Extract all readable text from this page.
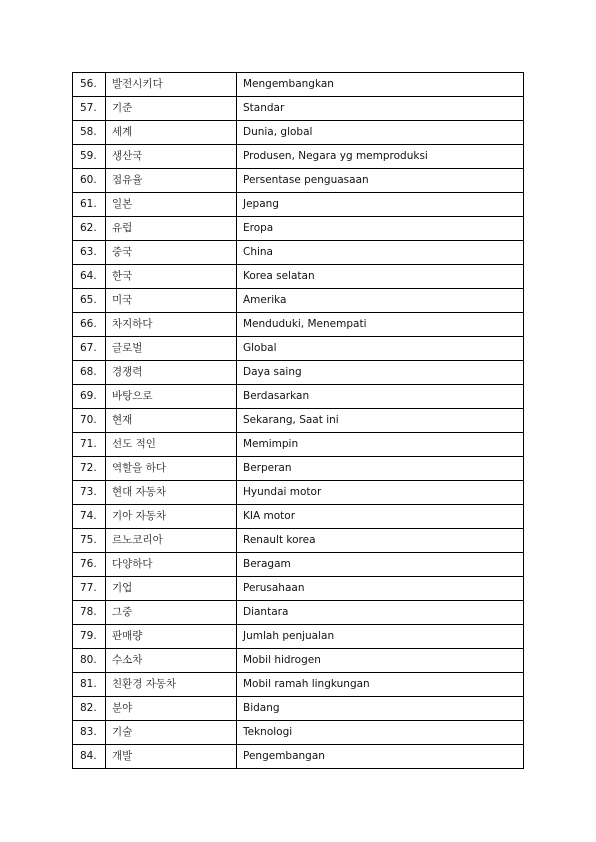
56.	발전시키다	Mengembangkan
57.	기준	Standar
58.	세계	Dunia, global
59.	생산국	Produsen, Negara yg memproduksi
60.	점유율	Persentase penguasaan
61.	일본	Jepang
62.	유럽	Eropa
63.	중국	China
64.	한국	Korea selatan
65.	미국	Amerika
66.	차지하다	Menduduki, Menempati
67.	글로벌	Global
68.	경쟁력	Daya saing
69.	바탕으로	Berdasarkan
70.	현재	Sekarang, Saat ini
71.	선도 적인	Memimpin
72.	역할을 하다	Berperan
73.	현대 자동차	Hyundai motor
74.	기아 자동차	KIA motor
75.	르노코리아	Renault korea
76.	다양하다	Beragam
77.	기업	Perusahaan
78.	그중	Diantara
79.	판매량	Jumlah penjualan
80.	수소차	Mobil hidrogen
81.	친환경 자동차	Mobil ramah lingkungan
82.	분야	Bidang
83.	기술	Teknologi
84.	개발	Pengembangan
